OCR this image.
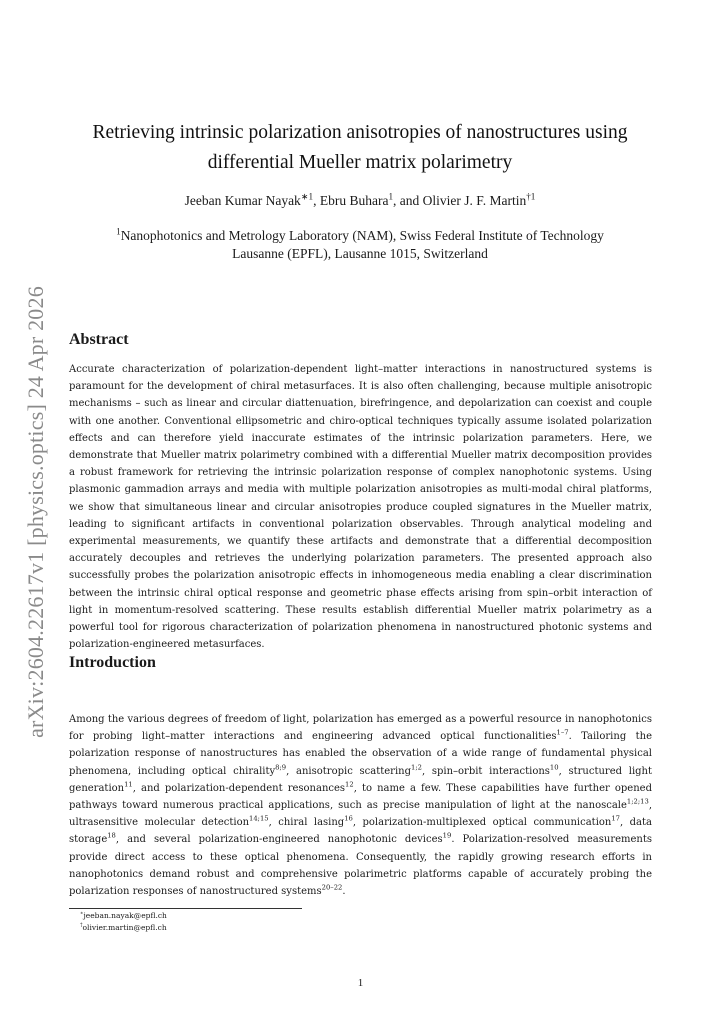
arXiv:2604.22617v1 [physics.optics] 24 Apr 2026
Retrieving intrinsic polarization anisotropies of nanostructures using
differential Mueller matrix polarimetry
Jeeban Kumar Nayak$^{∗1}$, Ebru Buhara$^1$, and Olivier J. F. Martin$^{\dagger 1}$
$^1$Nanophotonics and Metrology Laboratory (NAM), Swiss Federal Institute of Technology
Lausanne (EPFL), Lausanne 1015, Switzerland
Abstract

Accurate characterization of polarization-dependent light–matter interactions in nanostructured systems is paramount for the development of chiral metasurfaces. It is also often challenging, because multiple anisotropic mechanisms – such as linear and circular diattenuation, birefringence, and depolarization can coexist and couple with one another. Conventional ellipsometric and chiro-optical techniques typically assume isolated polarization effects and can therefore yield inaccurate estimates of the intrinsic polarization parameters. Here, we demonstrate that Mueller matrix polarimetry combined with a differential Mueller matrix decomposition provides a robust framework for retrieving the intrinsic polarization response of complex nanophotonic systems. Using plasmonic gammadion arrays and media with multiple polarization anisotropies as multi-modal chiral platforms, we show that simultaneous linear and circular anisotropies produce coupled signatures in the Mueller matrix, leading to significant artifacts in conventional polarization observables. Through analytical modeling and experimental measurements, we quantify these artifacts and demonstrate that a differential decomposition accurately decouples and retrieves the underlying polarization parameters. The presented approach also successfully probes the polarization anisotropic effects in inhomogeneous media enabling a clear discrimination between the intrinsic chiral optical response and geometric phase effects arising from spin–orbit interaction of light in momentum-resolved scattering. These results establish differential Mueller matrix polarimetry as a powerful tool for rigorous characterization of polarization phenomena in nanostructured photonic systems and polarization-engineered metasurfaces.

Introduction

Among the various degrees of freedom of light, polarization has emerged as a powerful resource in nanophotonics for probing light–matter interactions and engineering advanced optical functionalities$^{1-7}$. Tailoring the polarization response of nanostructures has enabled the observation of a wide range of fundamental physical phenomena, including optical chirality$^{8;9}$, anisotropic scattering$^{1;2}$, spin–orbit interactions$^{10}$, structured light generation$^{11}$, and polarization-dependent resonances$^{12}$, to name a few. These capabilities have further opened pathways toward numerous practical applications, such as precise manipulation of light at the nanoscale$^{1;2;13}$, ultrasensitive molecular detection$^{14;15}$, chiral lasing$^{16}$, polarization-multiplexed optical communication$^{17}$, data storage$^{18}$, and several polarization-engineered nanophotonic devices$^{19}$. Polarization-resolved measurements provide direct access to these optical phenomena. Consequently, the rapidly growing research efforts in nanophotonics demand robust and comprehensive polarimetric platforms capable of accurately probing the polarization responses of nanostructured systems$^{20-22}$.

∗jeeban.nayak@epfl.ch
†olivier.martin@epfl.ch
1
